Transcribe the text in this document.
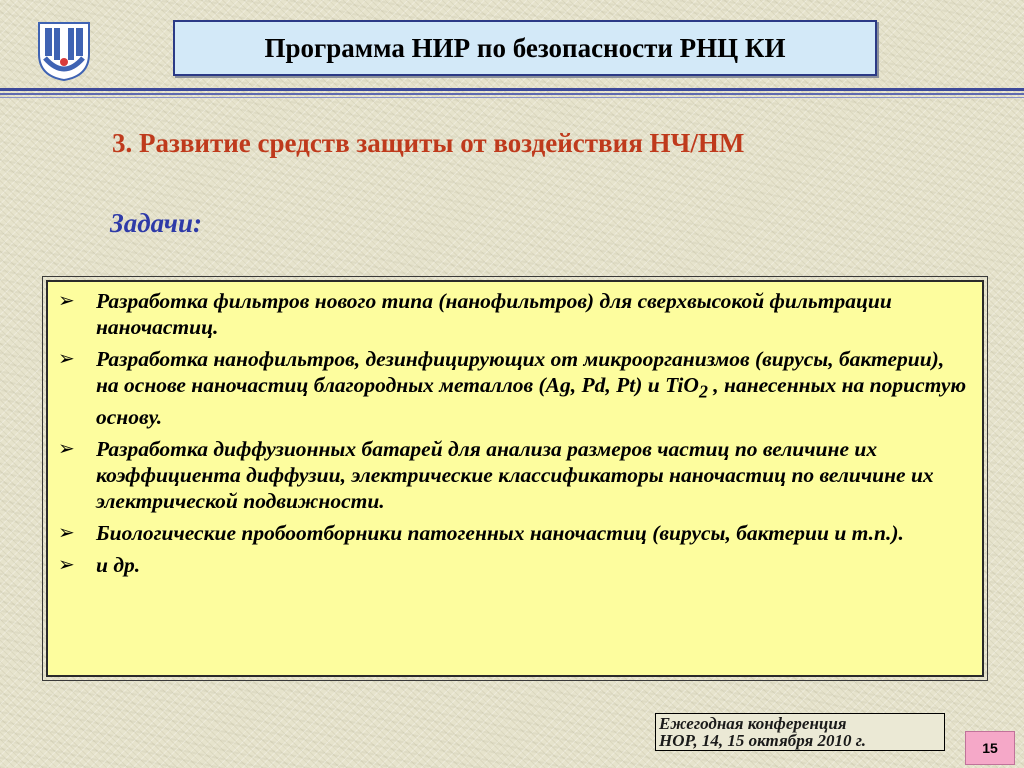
Программа НИР по безопасности РНЦ КИ
3. Развитие средств защиты от воздействия НЧ/НМ
Задачи:
➢ Разработка фильтров нового типа (нанофильтров) для сверхвысокой фильтрации наночастиц.
➢ Разработка нанофильтров, дезинфицирующих от микроорганизмов (вирусы, бактерии), на основе наночастиц благородных металлов (Ag, Pd, Pt) и TiO$_2$ , нанесенных на пористую основу.
➢ Разработка диффузионных батарей для анализа размеров частиц по величине их коэффициента диффузии, электрические классификаторы наночастиц по величине их электрической подвижности.
➢ Биологические пробоотборники патогенных наночастиц (вирусы, бактерии и т.п.).
➢ и др.
Ежегодная конференция
НОР, 14, 15 октября 2010 г.	15
